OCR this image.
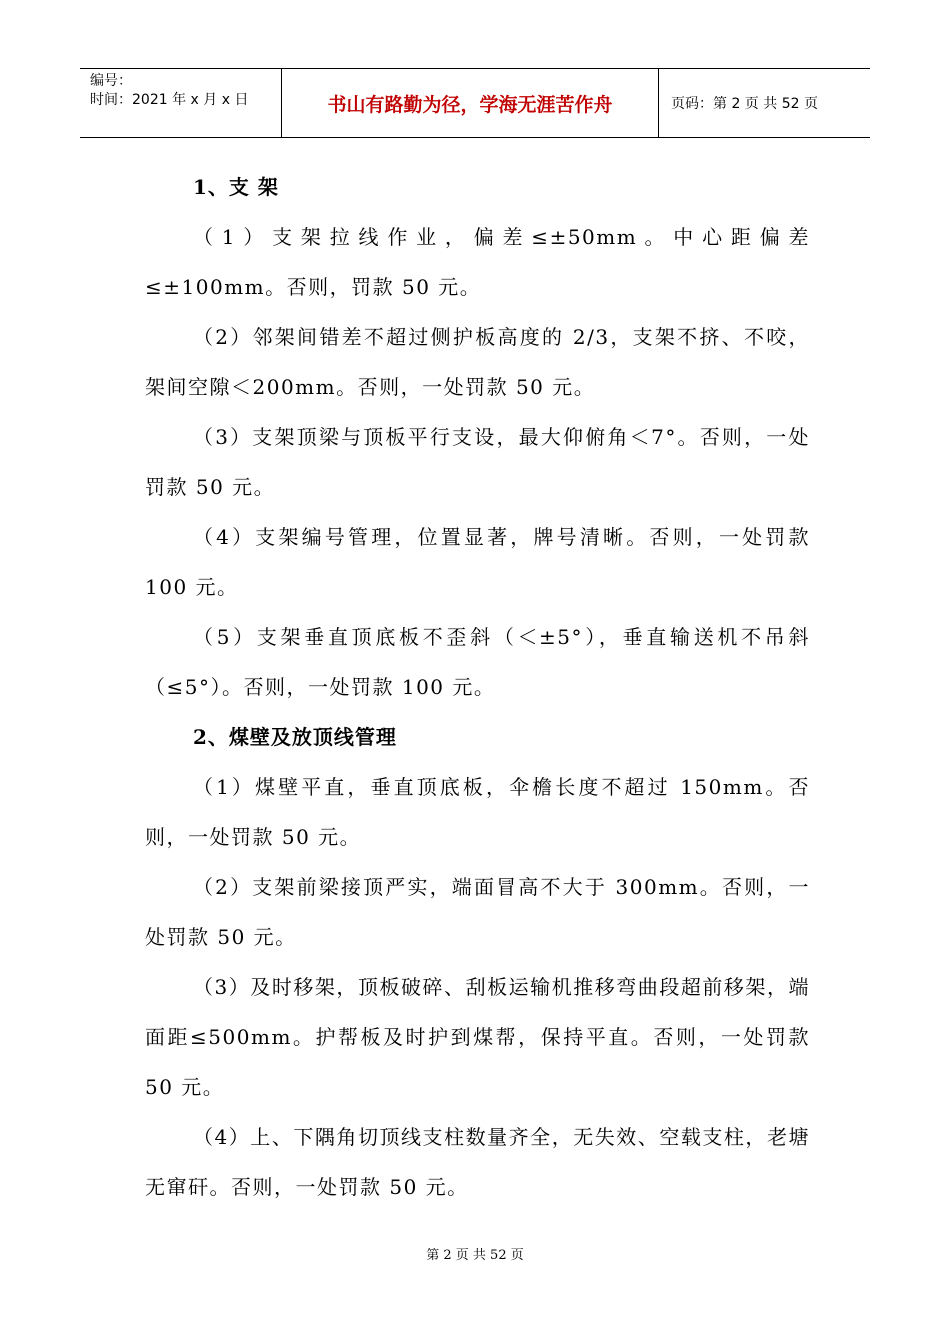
编号：
时间：2021 年 x 月 x 日	书山有路勤为径，学海无涯苦作舟	页码：第 2 页 共 52 页
1、支 架

（1）支架拉线作业，偏差≤±50mm。中心距偏差≤±100mm。否则，罚款 50 元。

（2）邻架间错差不超过侧护板高度的 2/3，支架不挤、不咬，架间空隙＜200mm。否则，一处罚款 50 元。

（3）支架顶梁与顶板平行支设，最大仰俯角＜7°。否则，一处罚款 50 元。

（4）支架编号管理，位置显著，牌号清晰。否则，一处罚款 100 元。

（5）支架垂直顶底板不歪斜（＜±5°），垂直输送机不吊斜（≤5°）。否则，一处罚款 100 元。

2、煤壁及放顶线管理

（1）煤壁平直，垂直顶底板，伞檐长度不超过 150mm。否则，一处罚款 50 元。

（2）支架前梁接顶严实，端面冒高不大于 300mm。否则，一处罚款 50 元。

（3）及时移架，顶板破碎、刮板运输机推移弯曲段超前移架，端面距≤500mm。护帮板及时护到煤帮，保持平直。否则，一处罚款 50 元。

（4）上、下隅角切顶线支柱数量齐全，无失效、空载支柱，老塘无窜矸。否则，一处罚款 50 元。

第 2 页 共 52 页
